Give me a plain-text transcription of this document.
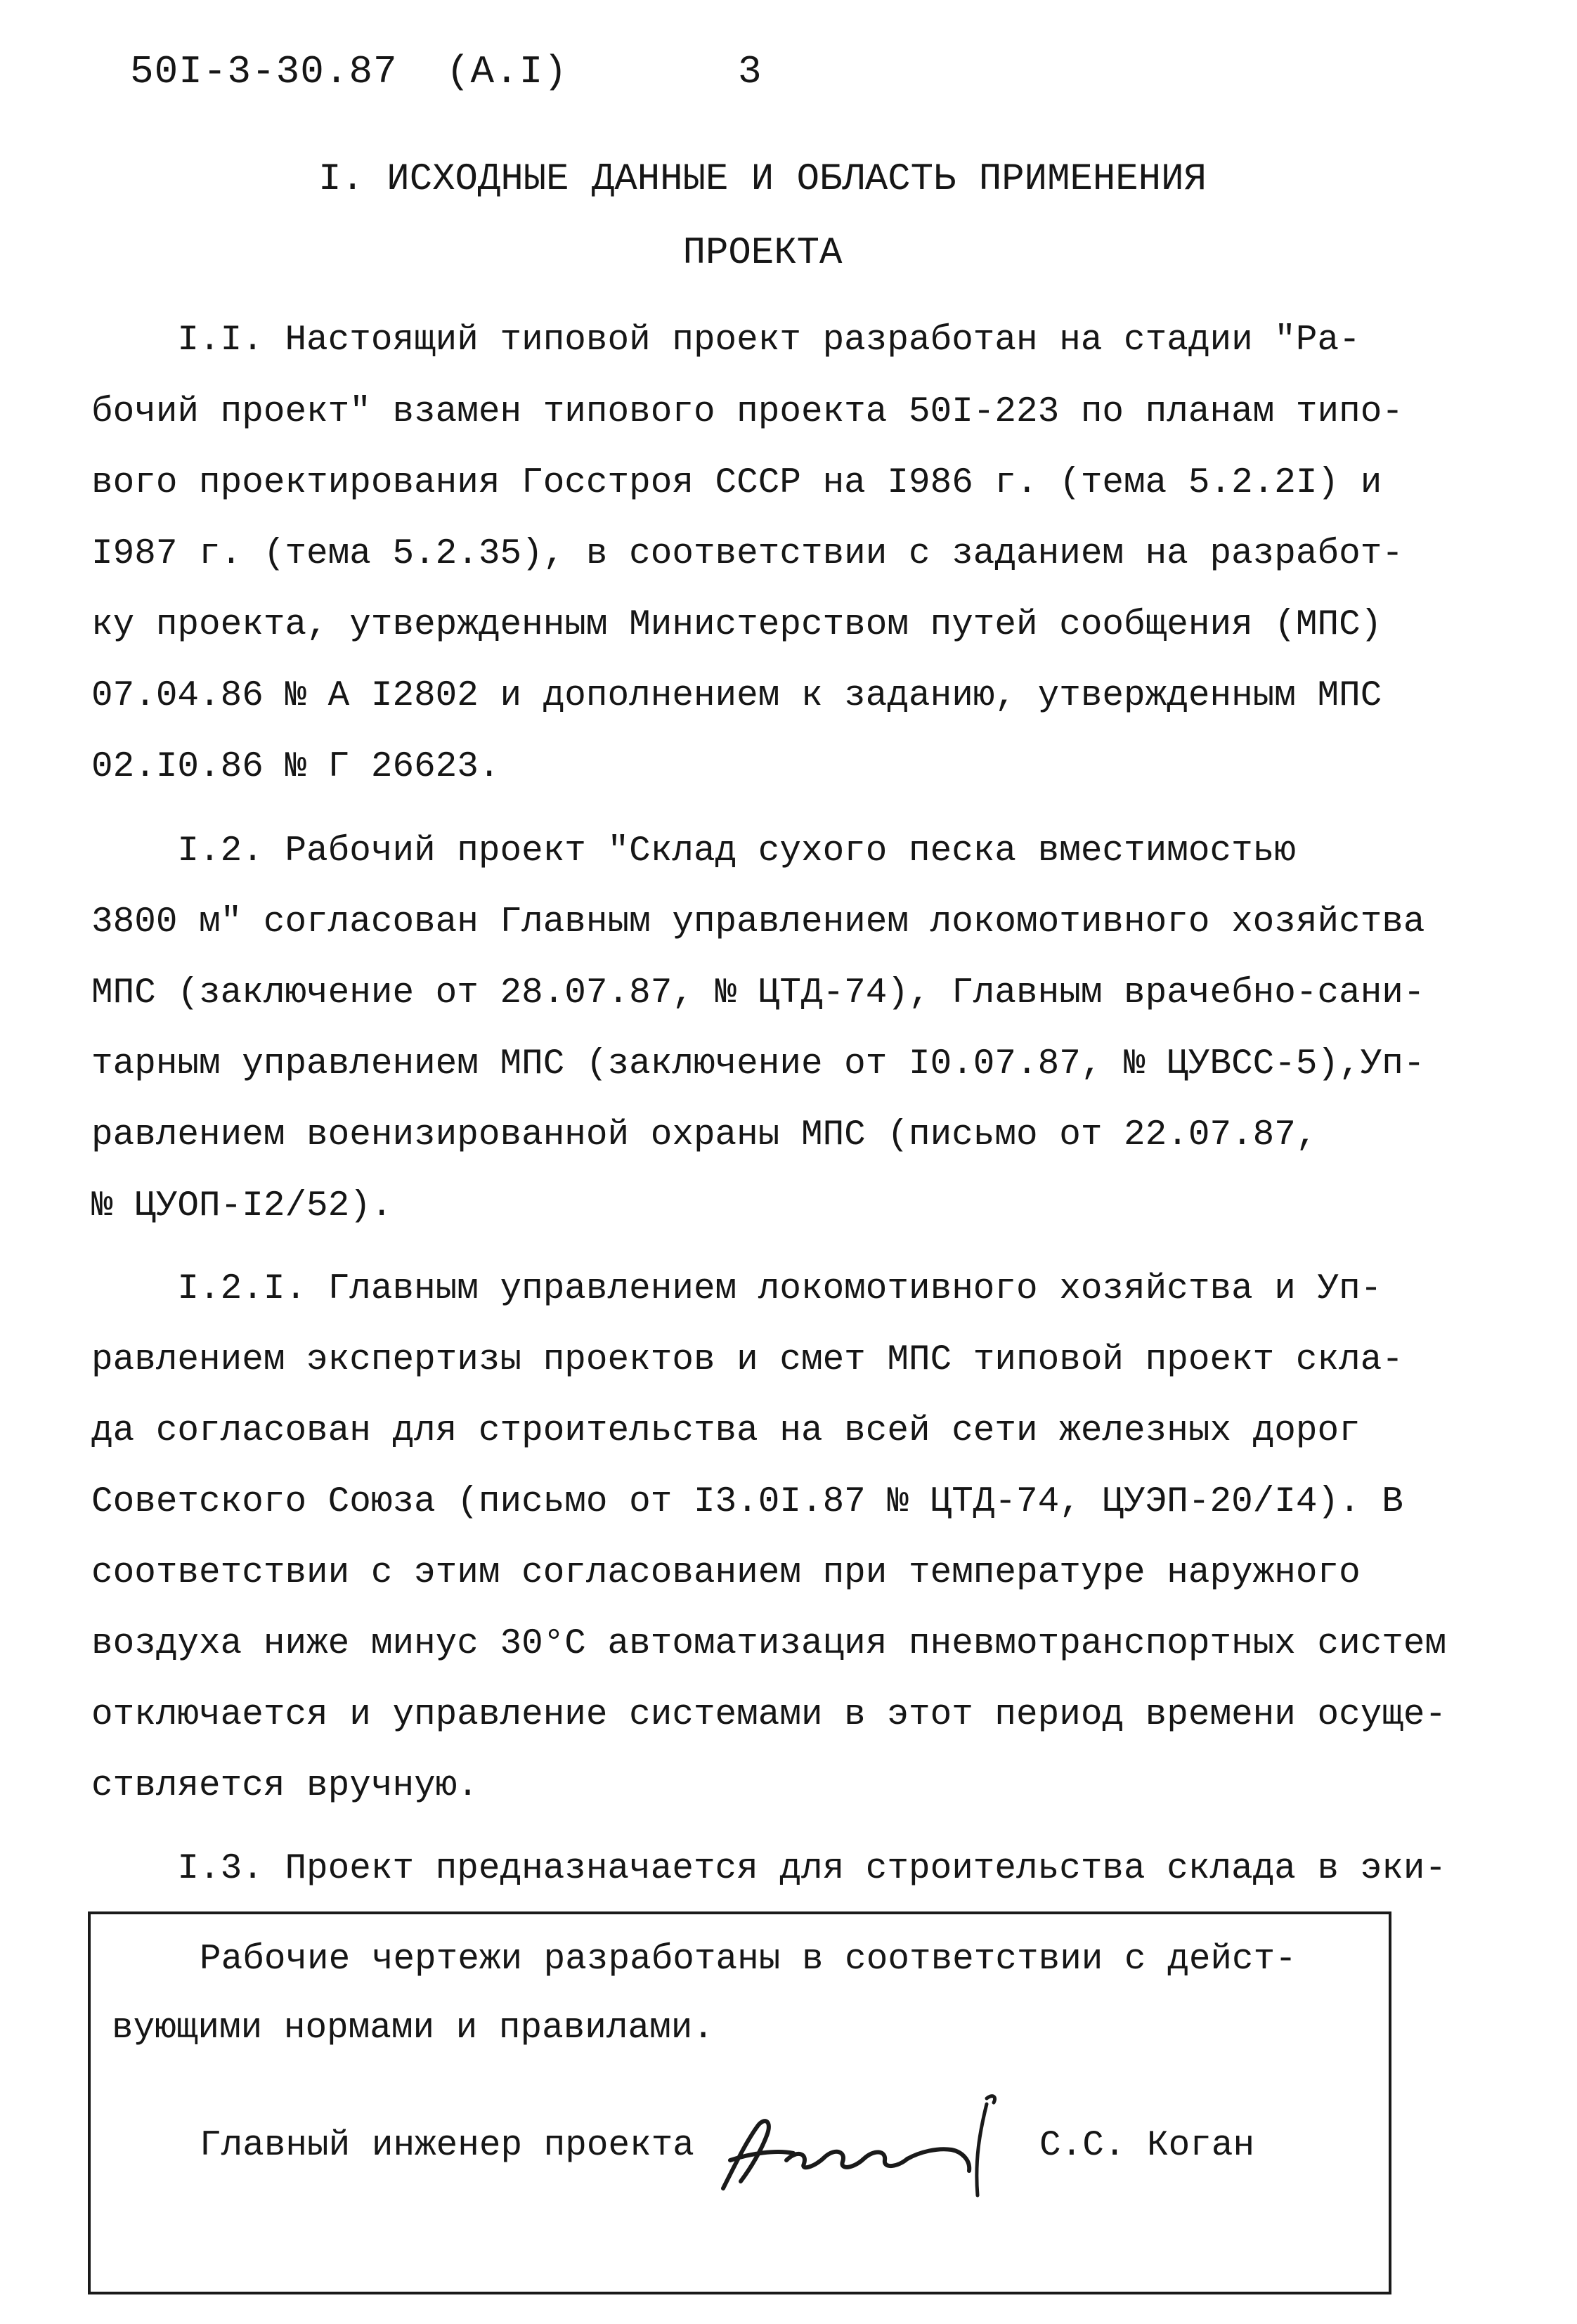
50I-3-30.87  (A.I)	3
I. ИСХОДНЫЕ ДАННЫЕ И ОБЛАСТЬ ПРИМЕНЕНИЯ
ПРОЕКТА
I.I. Настоящий типовой проект разработан на стадии "Ра-
бочий проект" взамен типового проекта 50I-223 по планам типо-
вого проектирования Госстроя СССР на I986 г. (тема 5.2.2I) и
I987 г. (тема 5.2.35), в соответствии с заданием на разработ-
ку проекта, утвержденным Министерством путей сообщения (МПС)
07.04.86 № А I2802 и дополнением к заданию, утвержденным МПС
02.I0.86 № Г 26623.
I.2. Рабочий проект "Склад сухого песка вместимостью
3800 м" согласован Главным управлением локомотивного хозяйства
МПС (заключение от 28.07.87, № ЦТД-74), Главным врачебно-сани-
тарным управлением МПС (заключение от I0.07.87, № ЦУВСС-5),Уп-
равлением военизированной охраны МПС (письмо от 22.07.87,
№ ЦУОП-I2/52).
I.2.I. Главным управлением локомотивного хозяйства и Уп-
равлением экспертизы проектов и смет МПС типовой проект скла-
да согласован для строительства на всей сети железных дорог
Советского Союза (письмо от I3.0I.87 № ЦТД-74, ЦУЭП-20/I4). В
соответствии с этим согласованием при температуре наружного
воздуха ниже минус 30°С автоматизация пневмотранспортных систем
отключается и управление системами в этот период времени осуще-
ствляется вручную.
I.3. Проект предназначается для строительства склада в эки-
Рабочие чертежи разработаны в соответствии с дейст-
вующими нормами и правилами.
Главный инженер проекта	С.С. Коган
